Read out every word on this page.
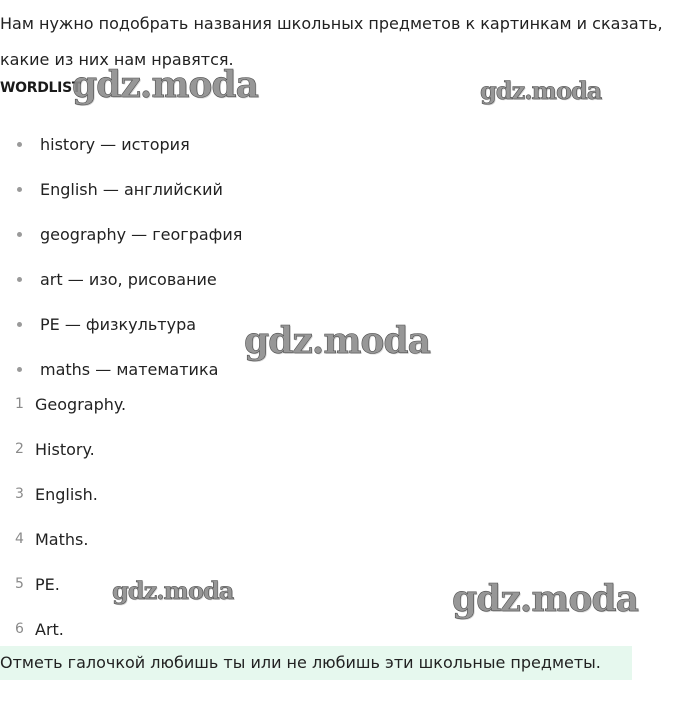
Нам нужно подобрать названия школьных предметов к картинкам и сказать, какие из них нам нравятся.

WORDLIST
history — история
English — английский
geography — география
art — изо, рисование
PE — физкультура
maths — математика
1 Geography.
2 History.
3 English.
4 Maths.
5 PE.
6 Art.
Отметь галочкой любишь ты или не любишь эти школьные предметы.
gdz.moda	gdz.moda
gdz.moda
gdz.moda	gdz.moda
